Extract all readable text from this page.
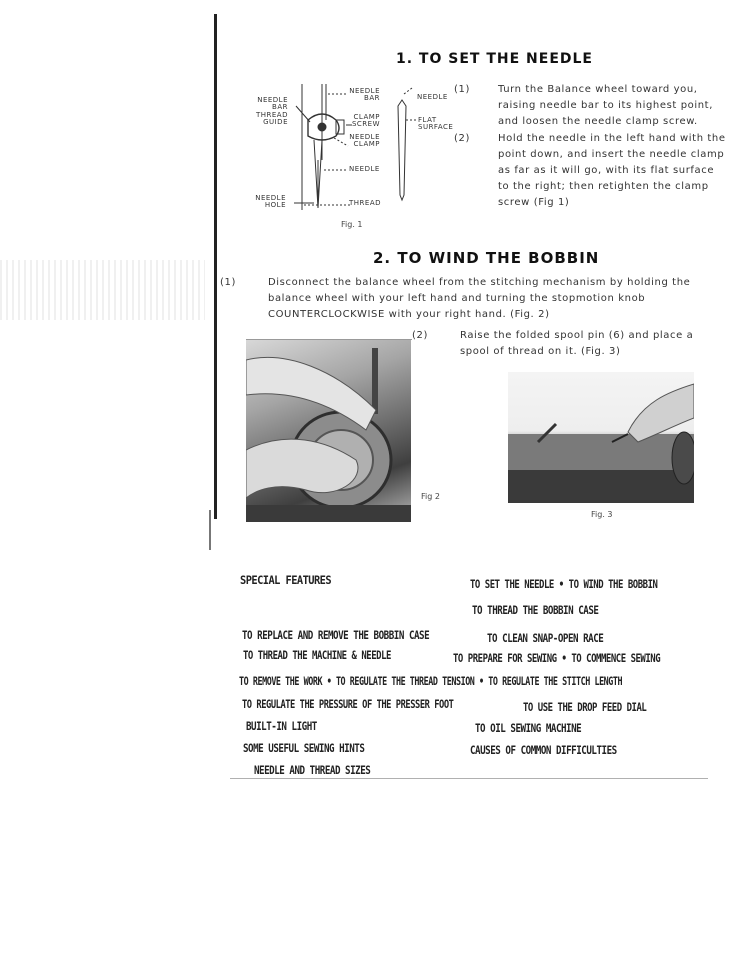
1. TO SET THE NEEDLE
NEEDLE BAR
THREAD GUIDE
NEEDLE BAR
CLAMP SCREW
NEEDLE CLAMP
NEEDLE
NEEDLE HOLE	THREAD
NEEDLE
FLAT SURFACE
Fig. 1
(1)	Turn the Balance wheel toward you, raising needle bar to its highest point, and loosen the needle clamp screw.
(2)	Hold the needle in the left hand with the point down, and insert the needle clamp as far as it will go, with its flat surface to the right; then retighten the clamp screw (Fig 1)
2. TO WIND THE BOBBIN
(1)	Disconnect the balance wheel from the stitching mechanism by holding the balance wheel with your left hand and turning the stopmotion knob COUNTERCLOCKWISE with your right hand. (Fig. 2)
(2)	Raise the folded spool pin (6) and place a spool of thread on it. (Fig. 3)
Fig 2
Fig. 3
SPECIAL FEATURES	TO SET THE NEEDLE • TO WIND THE BOBBIN
TO THREAD THE BOBBIN CASE
TO REPLACE AND REMOVE THE BOBBIN CASE	TO CLEAN SNAP-OPEN RACE
TO THREAD THE MACHINE & NEEDLE	TO PREPARE FOR SEWING • TO COMMENCE SEWING
TO REMOVE THE WORK • TO REGULATE THE THREAD TENSION • TO REGULATE THE STITCH LENGTH
TO REGULATE THE PRESSURE OF THE PRESSER FOOT	TO USE THE DROP FEED DIAL
BUILT-IN LIGHT	TO OIL SEWING MACHINE
SOME USEFUL SEWING HINTS	CAUSES OF COMMON DIFFICULTIES
NEEDLE AND THREAD SIZES
